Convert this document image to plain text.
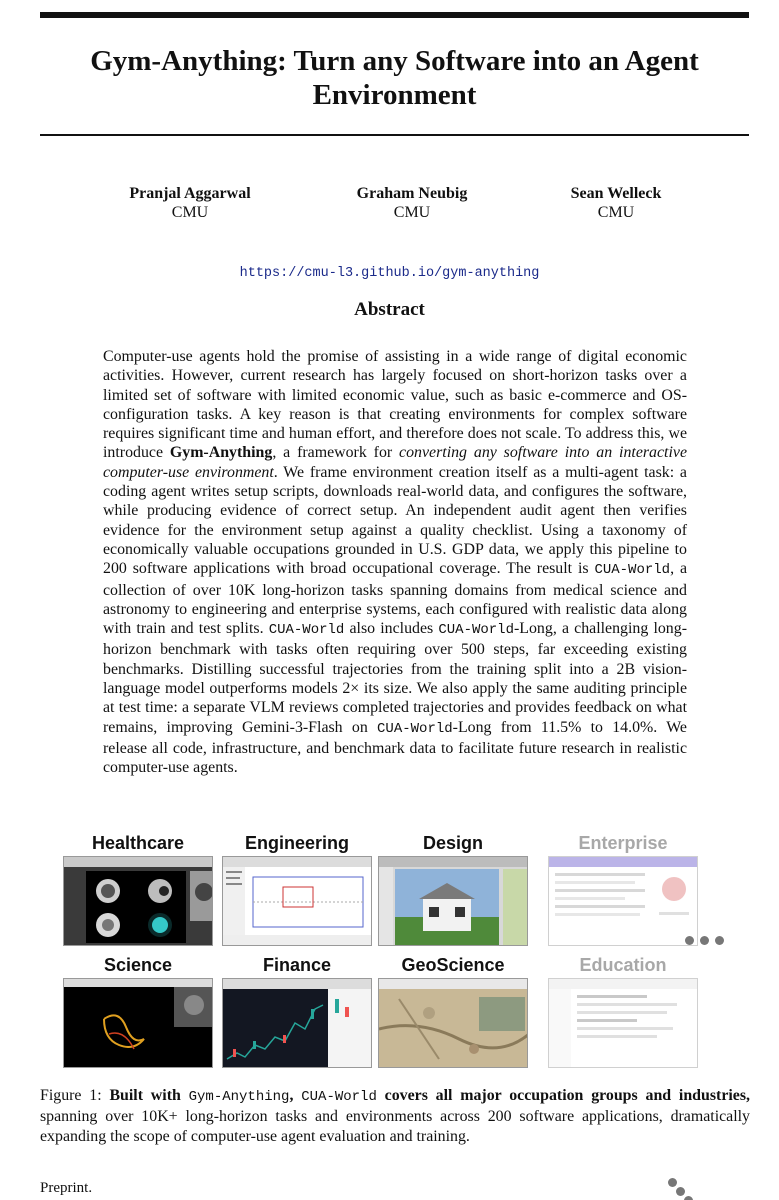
Gym-Anything: Turn any Software into an Agent Environment
Pranjal Aggarwal
CMU
Graham Neubig
CMU
Sean Welleck
CMU
https://cmu-l3.github.io/gym-anything
Abstract

Computer-use agents hold the promise of assisting in a wide range of digital economic activities. However, current research has largely focused on short-horizon tasks over a limited set of software with limited economic value, such as basic e-commerce and OS-configuration tasks. A key reason is that creating environments for complex software requires significant time and human effort, and therefore does not scale. To address this, we introduce Gym-Anything, a framework for converting any software into an interactive computer-use environment. We frame environment creation itself as a multi-agent task: a coding agent writes setup scripts, downloads real-world data, and configures the software, while producing evidence of correct setup. An independent audit agent then verifies evidence for the environment setup against a quality checklist. Using a taxonomy of economically valuable occupations grounded in U.S. GDP data, we apply this pipeline to 200 software applications with broad occupational coverage. The result is CUA-World, a collection of over 10K long-horizon tasks spanning domains from medical science and astronomy to engineering and enterprise systems, each configured with realistic data along with train and test splits. CUA-World also includes CUA-World-Long, a challenging long-horizon benchmark with tasks often requiring over 500 steps, far exceeding existing benchmarks. Distilling successful trajectories from the training split into a 2B vision-language model outperforms models 2× its size. We also apply the same auditing principle at test time: a separate VLM reviews completed trajectories and provides feedback on what remains, improving Gemini-3-Flash on CUA-World-Long from 11.5% to 14.0%. We release all code, infrastructure, and benchmark data to facilitate future research in realistic computer-use agents.

Healthcare	Engineering	Design	Enterprise
Science	Finance	GeoScience	Education

Figure 1: Built with Gym-Anything, CUA-World covers all major occupation groups and industries, spanning over 10K+ long-horizon tasks and environments across 200 software applications, dramatically expanding the scope of computer-use agent evaluation and training.

Preprint.
